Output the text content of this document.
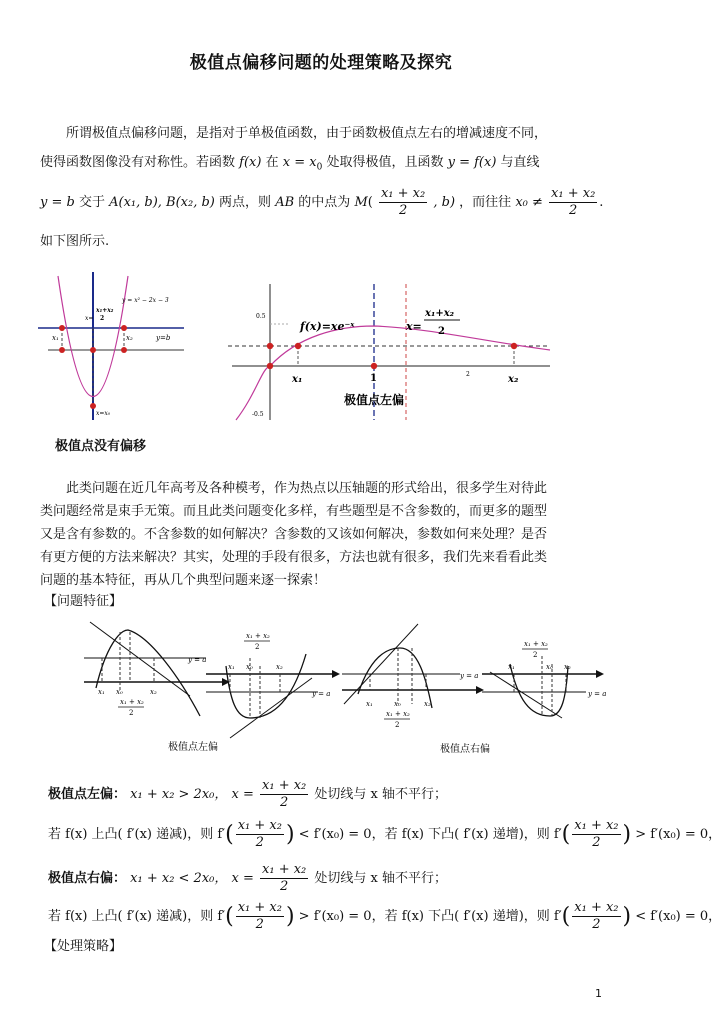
极值点偏移问题的处理策略及探究
所谓极值点偏移问题，是指对于单极值函数，由于函数极值点左右的增减速度不同，
使得函数图像没有对称性。若函数 f(x) 在 $x = x_0$ 处取得极值，且函数 y = f(x) 与直线
y = b 交于 A(x₁, b), B(x₂, b) 两点，则 AB 的中点为 $M( \frac{\text{x₁ + x₂}}{2}$ , b) ，而往往 $x_0 \ne \frac{\text{x₁ + x₂}}{2}$ .
如下图所示.
y = x² − 2x − 3
x₁+x₂
2
x=
x₁	x₂	y=b
x=x₀
极值点没有偏移
f(x)=xe⁻ˣ	x=
x₁+x₂
2
x₁	1	x₂
0.5
-0.5
2
极值点左偏
此类问题在近几年高考及各种模考，作为热点以压轴题的形式给出，很多学生对待此
类问题经常是束手无策。而且此类问题变化多样，有些题型是不含参数的，而更多的题型
又是含有参数的。不含参数的如何解决？含参数的又该如何解决，参数如何来处理？是否
有更方便的方法来解决？其实，处理的手段有很多，方法也就有很多，我们先来看看此类
问题的基本特征，再从几个典型问题来逐一探索！
【问题特征】
y = a
x₁ x₀	x₂
x₁ + x₂
2
x₁ x₀	x₂
y = a
x₁ + x₂
2
y = a
x₁	x₀	x₂
x₁ + x₂
2
y = a
x₁	x₀ x₂
x₁ + x₂
2
极值点左偏	极值点右偏
极值点左偏： x₁ + x₂ > 2x₀， $x = \frac{\text{x₁ + x₂}}{2}$ 处切线与 x 轴不平行；
若 f(x) 上凸( f′(x) 递减)，则 $f'( \frac{\text{x₁ + x₂}}{2}$ ) < f′(x₀) = 0，若 f(x) 下凸( f′(x) 递增)，则 $f'( \frac{\text{x₁ + x₂}}{2}$ ) > f′(x₀) = 0，
极值点右偏： x₁ + x₂ < 2x₀， $x = \frac{\text{x₁ + x₂}}{2}$ 处切线与 x 轴不平行；
若 f(x) 上凸( f′(x) 递减)，则 $f'( \frac{\text{x₁ + x₂}}{2}$ ) > f′(x₀) = 0，若 f(x) 下凸( f′(x) 递增)，则 $f'( \frac{\text{x₁ + x₂}}{2}$ ) < f′(x₀) = 0，
【处理策略】
1
